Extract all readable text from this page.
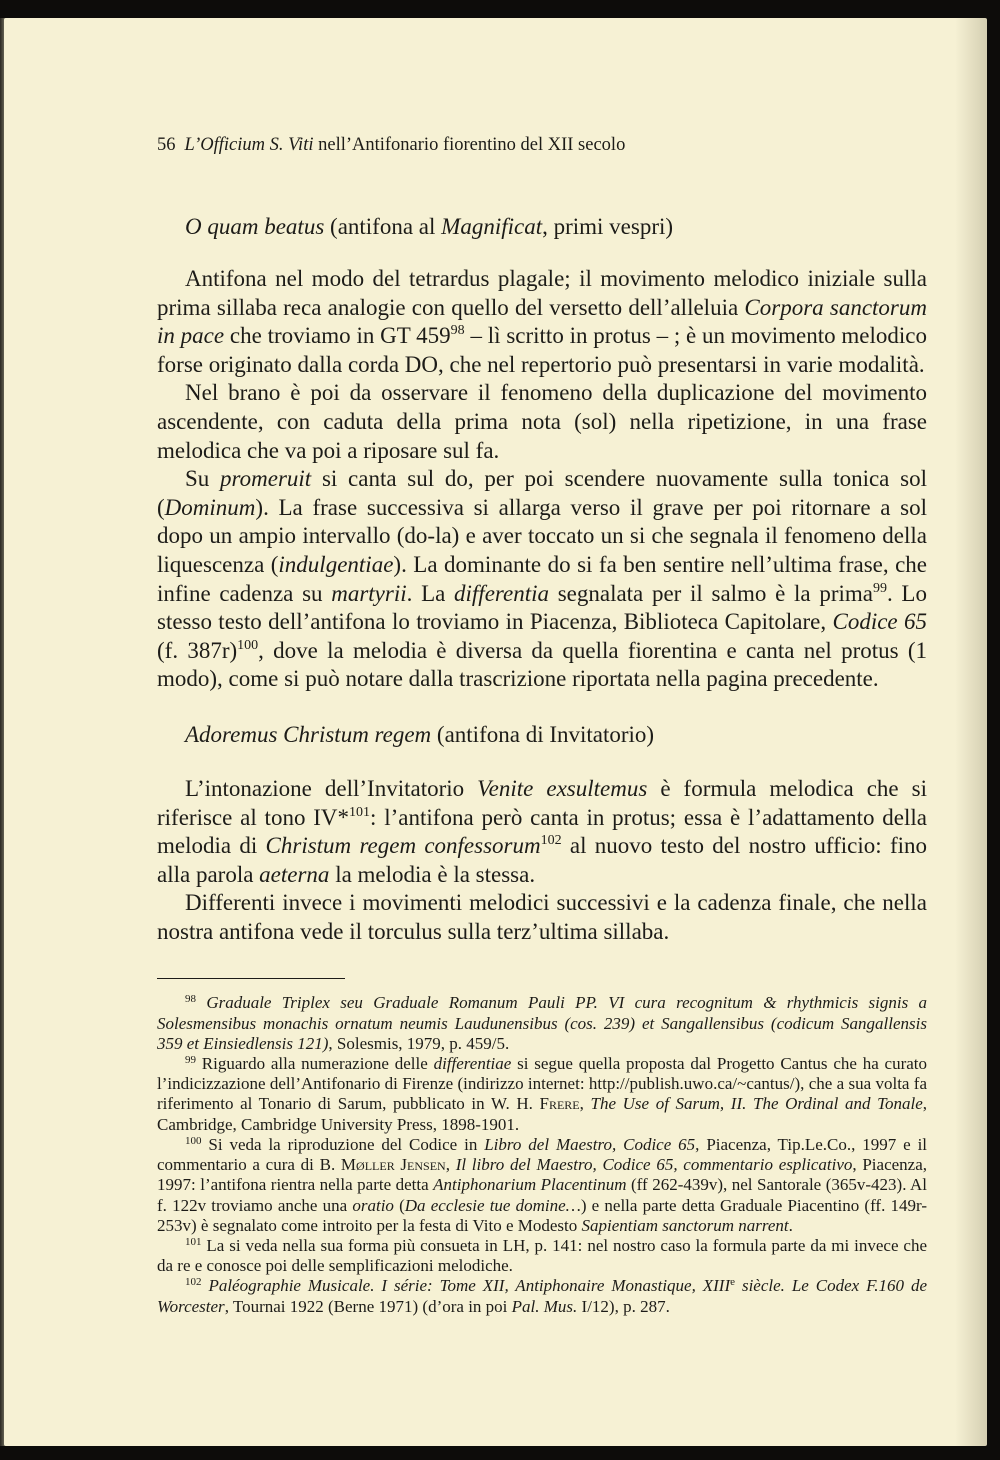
56 L’Officium S. Viti nell’Antifonario fiorentino del XII secolo

O quam beatus (antifona al Magnificat, primi vespri)

Antifona nel modo del tetrardus plagale; il movimento melodico iniziale sulla prima sillaba reca analogie con quello del versetto dell’alleluia Corpora sanctorum in pace che troviamo in GT $459^{98}$ – lì scritto in protus – ; è un movimento melodico forse originato dalla corda DO, che nel repertorio può presentarsi in varie modalità.

Nel brano è poi da osservare il fenomeno della duplicazione del movimento ascendente, con caduta della prima nota (sol) nella ripetizione, in una frase melodica che va poi a riposare sul fa.

Su promeruit si canta sul do, per poi scendere nuovamente sulla tonica sol (Dominum). La frase successiva si allarga verso il grave per poi ritornare a sol dopo un ampio intervallo (do-la) e aver toccato un si che segnala il fenomeno della liquescenza (indulgentiae). La dominante do si fa ben sentire nell’ultima frase, che infine cadenza su martyrii. La differentia segnalata per il salmo è la prima$^{99}$. Lo stesso testo dell’antifona lo troviamo in Piacenza, Biblioteca Capitolare, Codice 65 (f. 387r)$^{100}$, dove la melodia è diversa da quella fiorentina e canta nel protus (1 modo), come si può notare dalla trascrizione riportata nella pagina precedente.

Adoremus Christum regem (antifona di Invitatorio)

L’intonazione dell’Invitatorio Venite exsultemus è formula melodica che si riferisce al tono IV*$^{101}$: l’antifona però canta in protus; essa è l’adattamento della melodia di Christum regem confessorum$^{102}$ al nuovo testo del nostro ufficio: fino alla parola aeterna la melodia è la stessa.

Differenti invece i movimenti melodici successivi e la cadenza finale, che nella nostra antifona vede il torculus sulla terz’ultima sillaba.

$^{98}$ Graduale Triplex seu Graduale Romanum Pauli PP. VI cura recognitum & rhythmicis signis a Solesmensibus monachis ornatum neumis Laudunensibus (cos. 239) et Sangallensibus (codicum Sangallensis 359 et Einsiedlensis 121), Solesmis, 1979, p. 459/5.

$^{99}$ Riguardo alla numerazione delle differentiae si segue quella proposta dal Progetto Cantus che ha curato l’indicizzazione dell’Antifonario di Firenze (indirizzo internet: http://publish.uwo.ca/~cantus/), che a sua volta fa riferimento al Tonario di Sarum, pubblicato in W. H. Frere, The Use of Sarum, II. The Ordinal and Tonale, Cambridge, Cambridge University Press, 1898-1901.

$^{100}$ Si veda la riproduzione del Codice in Libro del Maestro, Codice 65, Piacenza, Tip.Le.Co., 1997 e il commentario a cura di B. Møller Jensen, Il libro del Maestro, Codice 65, commentario esplicativo, Piacenza, 1997: l’antifona rientra nella parte detta Antiphonarium Placentinum (ff 262-439v), nel Santorale (365v-423). Al f. 122v troviamo anche una oratio (Da ecclesie tue domine…) e nella parte detta Graduale Piacentino (ff. 149r-253v) è segnalato come introito per la festa di Vito e Modesto Sapientiam sanctorum narrent.

$^{101}$ La si veda nella sua forma più consueta in LH, p. 141: nel nostro caso la formula parte da mi invece che da re e conosce poi delle semplificazioni melodiche.

$^{102}$ Paléographie Musicale. I série: Tome XII, Antiphonaire Monastique, XIIIe siècle. Le Codex F.160 de Worcester, Tournai 1922 (Berne 1971) (d’ora in poi Pal. Mus. I/12), p. 287.
